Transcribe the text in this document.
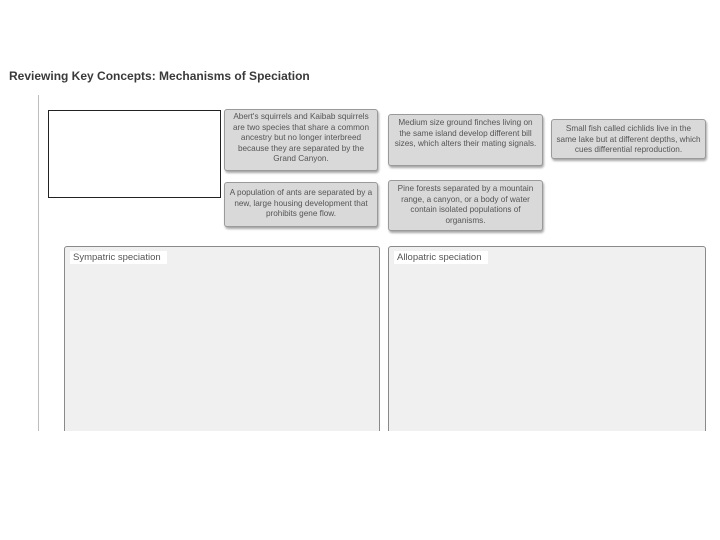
Reviewing Key Concepts: Mechanisms of Speciation
Abert's squirrels and Kaibab squirrels are two species that share a common ancestry but no longer interbreed because they are separated by the Grand Canyon.
Medium size ground finches living on the same island develop different bill sizes, which alters their mating signals.
Small fish called cichlids live in the same lake but at different depths, which cues differential reproduction.
A population of ants are separated by a new, large housing development that prohibits gene flow.
Pine forests separated by a mountain range, a canyon, or a body of water contain isolated populations of organisms.
Sympatric speciation	Allopatric speciation
